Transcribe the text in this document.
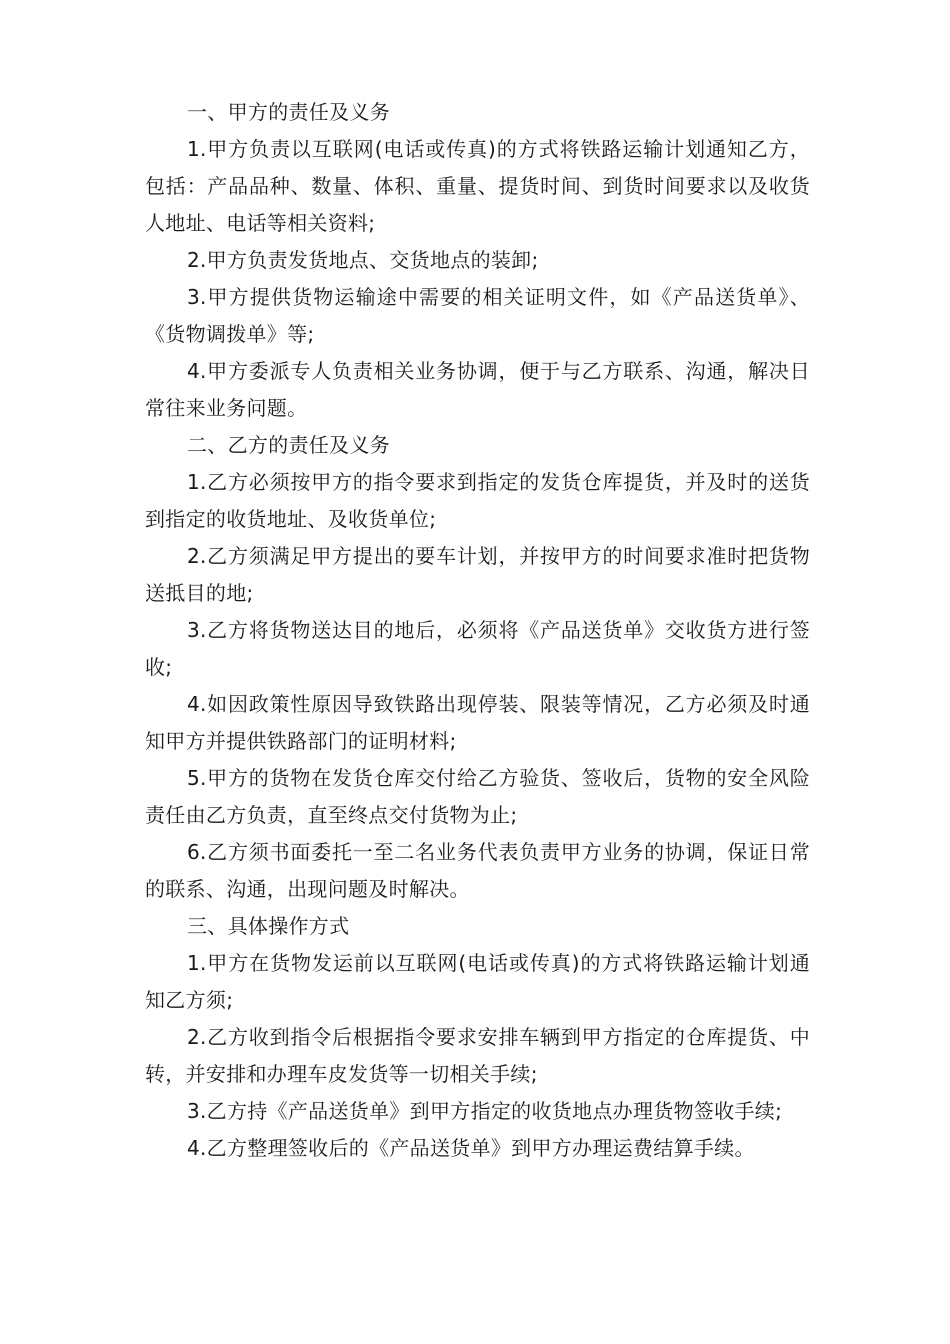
一、甲方的责任及义务

1.甲方负责以互联网(电话或传真)的方式将铁路运输计划通知乙方，包括：产品品种、数量、体积、重量、提货时间、到货时间要求以及收货人地址、电话等相关资料;

2.甲方负责发货地点、交货地点的装卸;

3.甲方提供货物运输途中需要的相关证明文件，如《产品送货单》、《货物调拨单》等;

4.甲方委派专人负责相关业务协调，便于与乙方联系、沟通，解决日常往来业务问题。

二、乙方的责任及义务

1.乙方必须按甲方的指令要求到指定的发货仓库提货，并及时的送货到指定的收货地址、及收货单位;

2.乙方须满足甲方提出的要车计划，并按甲方的时间要求准时把货物送抵目的地;

3.乙方将货物送达目的地后，必须将《产品送货单》交收货方进行签收;

4.如因政策性原因导致铁路出现停装、限装等情况，乙方必须及时通知甲方并提供铁路部门的证明材料;

5.甲方的货物在发货仓库交付给乙方验货、签收后，货物的安全风险责任由乙方负责，直至终点交付货物为止;

6.乙方须书面委托一至二名业务代表负责甲方业务的协调，保证日常的联系、沟通，出现问题及时解决。

三、具体操作方式

1.甲方在货物发运前以互联网(电话或传真)的方式将铁路运输计划通知乙方须;

2.乙方收到指令后根据指令要求安排车辆到甲方指定的仓库提货、中转，并安排和办理车皮发货等一切相关手续;

3.乙方持《产品送货单》到甲方指定的收货地点办理货物签收手续;

4.乙方整理签收后的《产品送货单》到甲方办理运费结算手续。
